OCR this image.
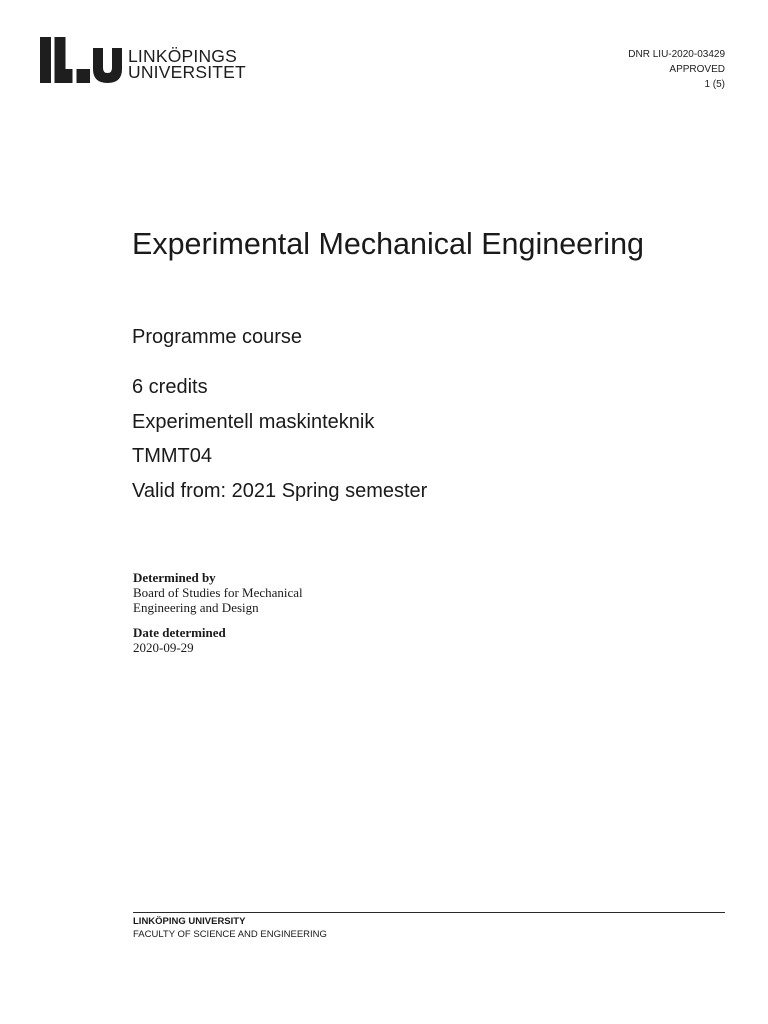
LINKÖPINGS
UNIVERSITET
DNR LIU-2020-03429
APPROVED
1 (5)
Experimental Mechanical Engineering
Programme course
6 credits
Experimentell maskinteknik
TMMT04
Valid from: 2021 Spring semester
Determined by
Board of Studies for Mechanical
Engineering and Design
Date determined
2020-09-29
LINKÖPING UNIVERSITY
FACULTY OF SCIENCE AND ENGINEERING
